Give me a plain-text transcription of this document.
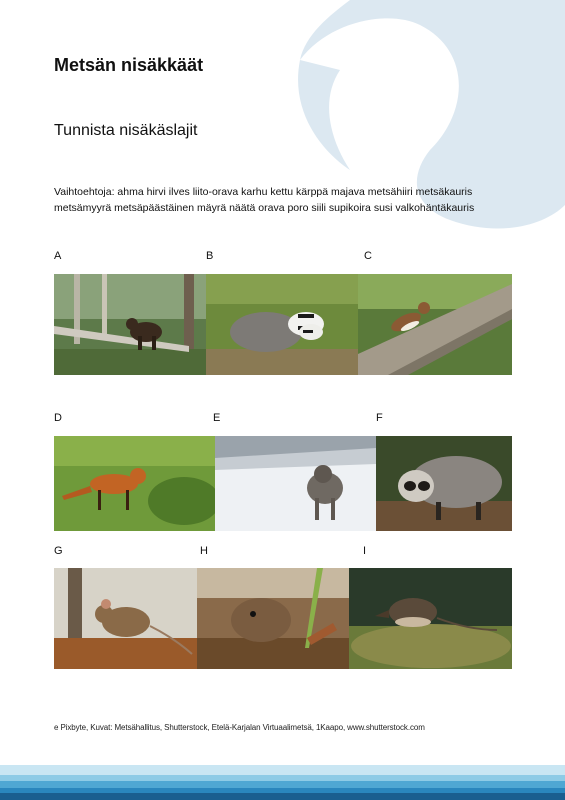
Metsän nisäkkäät
Tunnista nisäkäslajit

Vaihtoehtoja: ahma hirvi ilves liito-orava karhu kettu kärppä majava metsähiiri metsäkauris

metsämyyrä metsäpäästäinen mäyrä näätä orava poro siili supikoira susi valkohäntäkauris

A	B	C
D	E	F
G	H	I
e Pixbyte, Kuvat: Metsähallitus, Shutterstock, Etelä-Karjalan Virtuaalimetsä, 1Kaapo, www.shutterstock.com
